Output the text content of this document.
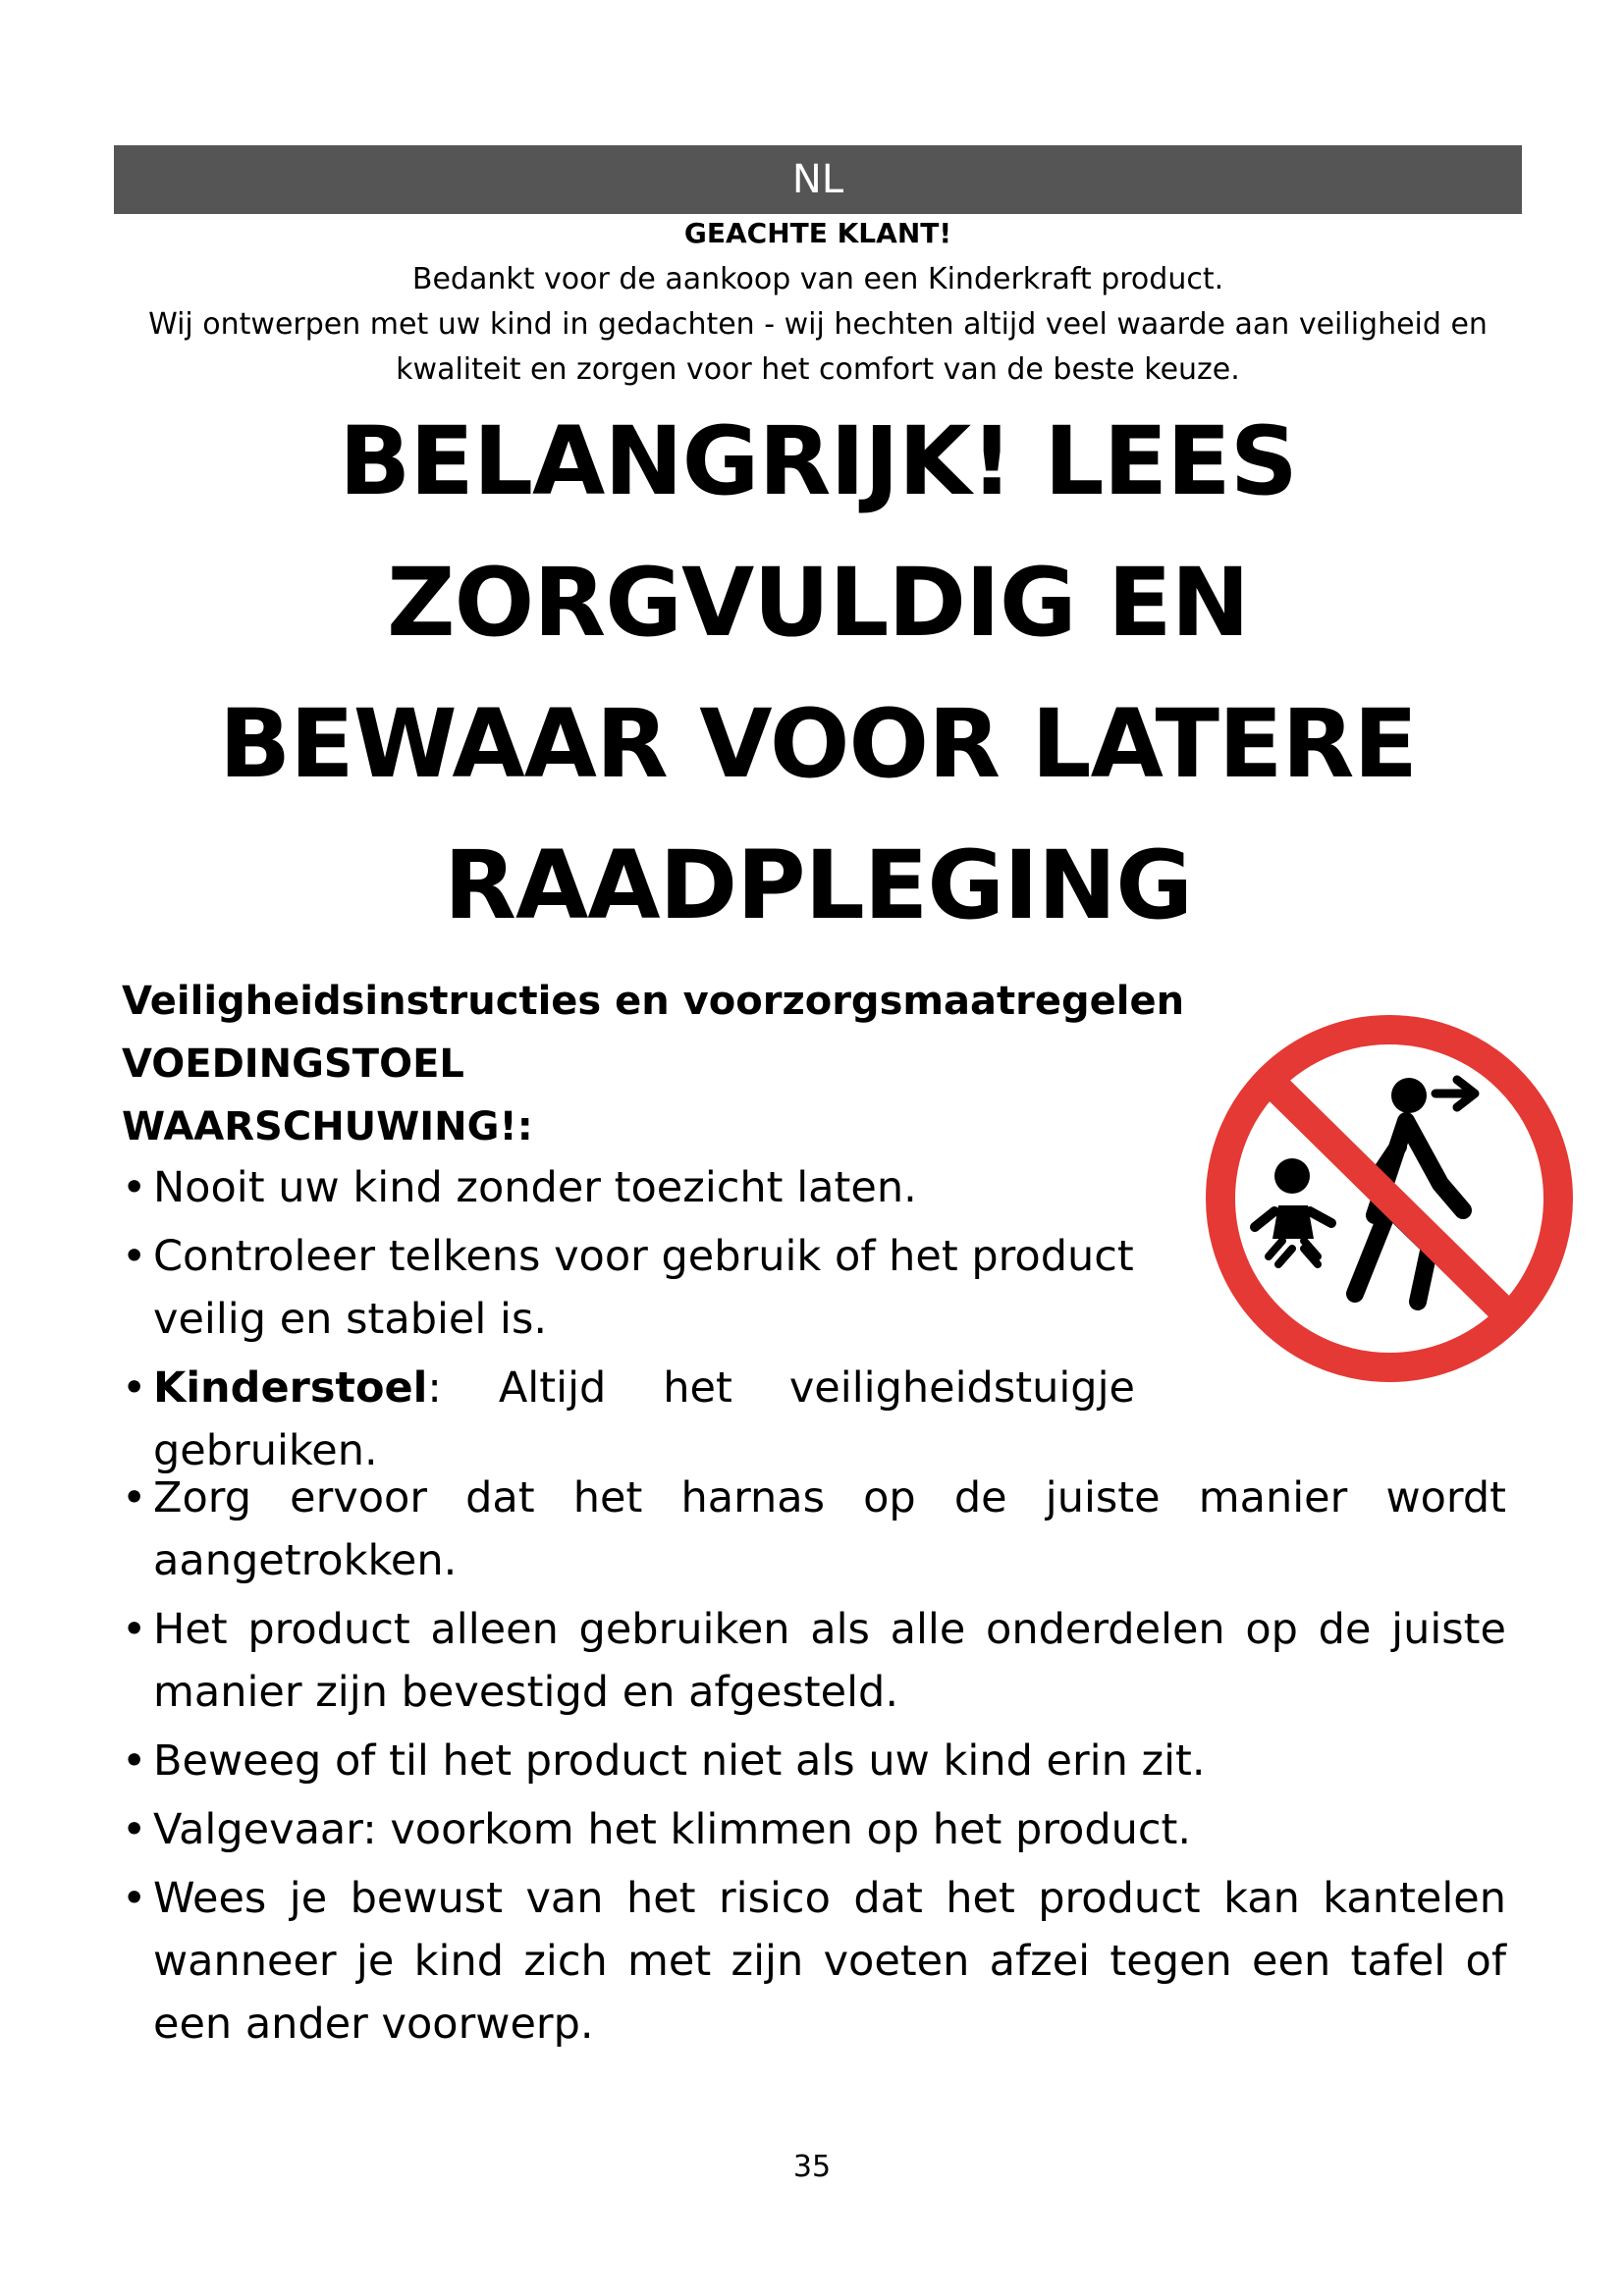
NL
GEACHTE KLANT!

Bedankt voor de aankoop van een Kinderkraft product.

Wij ontwerpen met uw kind in gedachten - wij hechten altijd veel waarde aan veiligheid en

kwaliteit en zorgen voor het comfort van de beste keuze.

BELANGRIJK! LEES

ZORGVULDIG EN

BEWAAR VOOR LATERE

RAADPLEGING

Veiligheidsinstructies en voorzorgsmaatregelen

VOEDINGSTOEL

WAARSCHUWING!:

• Nooit uw kind zonder toezicht laten.
• Controleer telkens voor gebruik of het product veilig en stabiel is.
• Kinderstoel: Altijd het veiligheidstuigje gebruiken.
• Zorg ervoor dat het harnas op de juiste manier wordt aangetrokken.
• Het product alleen gebruiken als alle onderdelen op de juiste manier zijn bevestigd en afgesteld.
• Beweeg of til het product niet als uw kind erin zit.
• Valgevaar: voorkom het klimmen op het product.
• Wees je bewust van het risico dat het product kan kantelen wanneer je kind zich met zijn voeten afzei tegen een tafel of een ander voorwerp.
35
